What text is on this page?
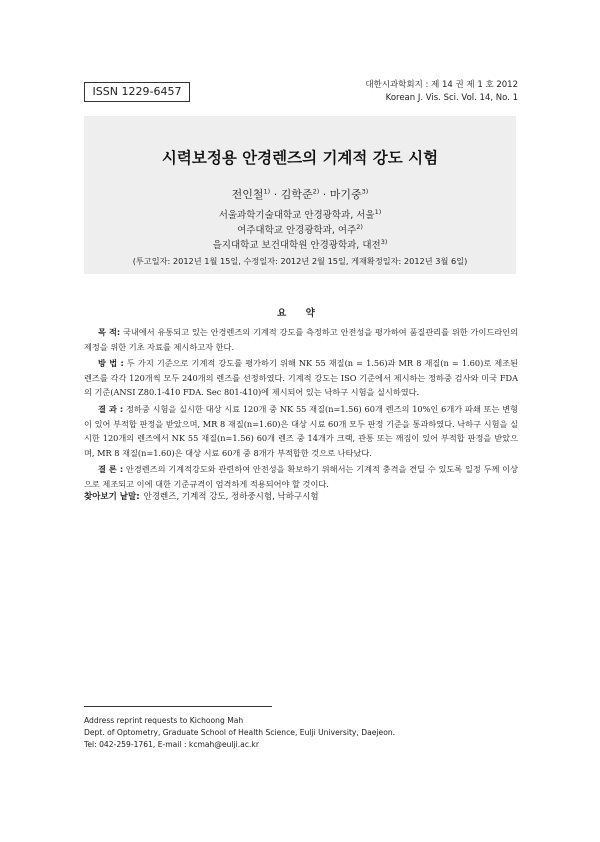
ISSN 1229-6457	대한시과학회지 : 제 14 권 제 1 호 2012
Korean J. Vis. Sci. Vol. 14, No. 1
시력보정용 안경렌즈의 기계적 강도 시험
전인철$^{1)}$ · 김학준$^{2)}$ · 마기중$^{3)}$
서울과학기술대학교 안경광학과, 서울$^{1)}$
여주대학교 안경광학과, 여주$^{2)}$
을지대학교 보건대학원 안경광학과, 대전$^{3)}$
(투고일자: 2012년 1월 15일, 수정일자: 2012년 2월 15일, 게재확정일자: 2012년 3월 6일)
요 약

목 적: 국내에서 유통되고 있는 안경렌즈의 기계적 강도를 측정하고 안전성을 평가하여 품질관리를 위한 가이드라인의 제정을 위한 기초 자료를 제시하고자 한다.

방 법 : 두 가지 기준으로 기계적 강도를 평가하기 위해 NK 55 재질(n = 1.56)과 MR 8 재질(n = 1.60)로 제조된 렌즈를 각각 120개씩 모두 240개의 렌즈를 선정하였다. 기계적 강도는 ISO 기준에서 제시하는 정하중 검사와 미국 FDA의 기준(ANSI Z80.1-410 FDA. Sec 801-410)에 제시되어 있는 낙하구 시험을 실시하였다.

결 과 : 정하중 시험을 실시한 대상 시료 120개 중 NK 55 재질(n=1.56) 60개 렌즈의 10%인 6개가 파쇄 또는 변형이 있어 부적합 판정을 받았으며, MR 8 재질(n=1.60)은 대상 시료 60개 모두 판정 기준을 통과하였다. 낙하구 시험을 실시한 120개의 렌즈에서 NK 55 재질(n=1.56) 60개 렌즈 중 14개가 크랙, 관통 또는 깨짐이 있어 부적합 판정을 받았으며, MR 8 재질(n=1.60)은 대상 시료 60개 중 8개가 부적합한 것으로 나타났다.

결 론 : 안경렌즈의 기계적강도와 관련하여 안전성을 확보하기 위해서는 기계적 충격을 견딜 수 있도록 일정 두께 이상으로 제조되고 이에 대한 기준규격이 엄격하게 적용되어야 할 것이다.

찾아보기 낱말: 안경렌즈, 기계적 강도, 정하중시험, 낙하구시험
Address reprint requests to Kichoong Mah
Dept. of Optometry, Graduate School of Health Science, Eulji University, Daejeon.
Tel: 042-259-1761, E-mail : kcmah@eulji.ac.kr
